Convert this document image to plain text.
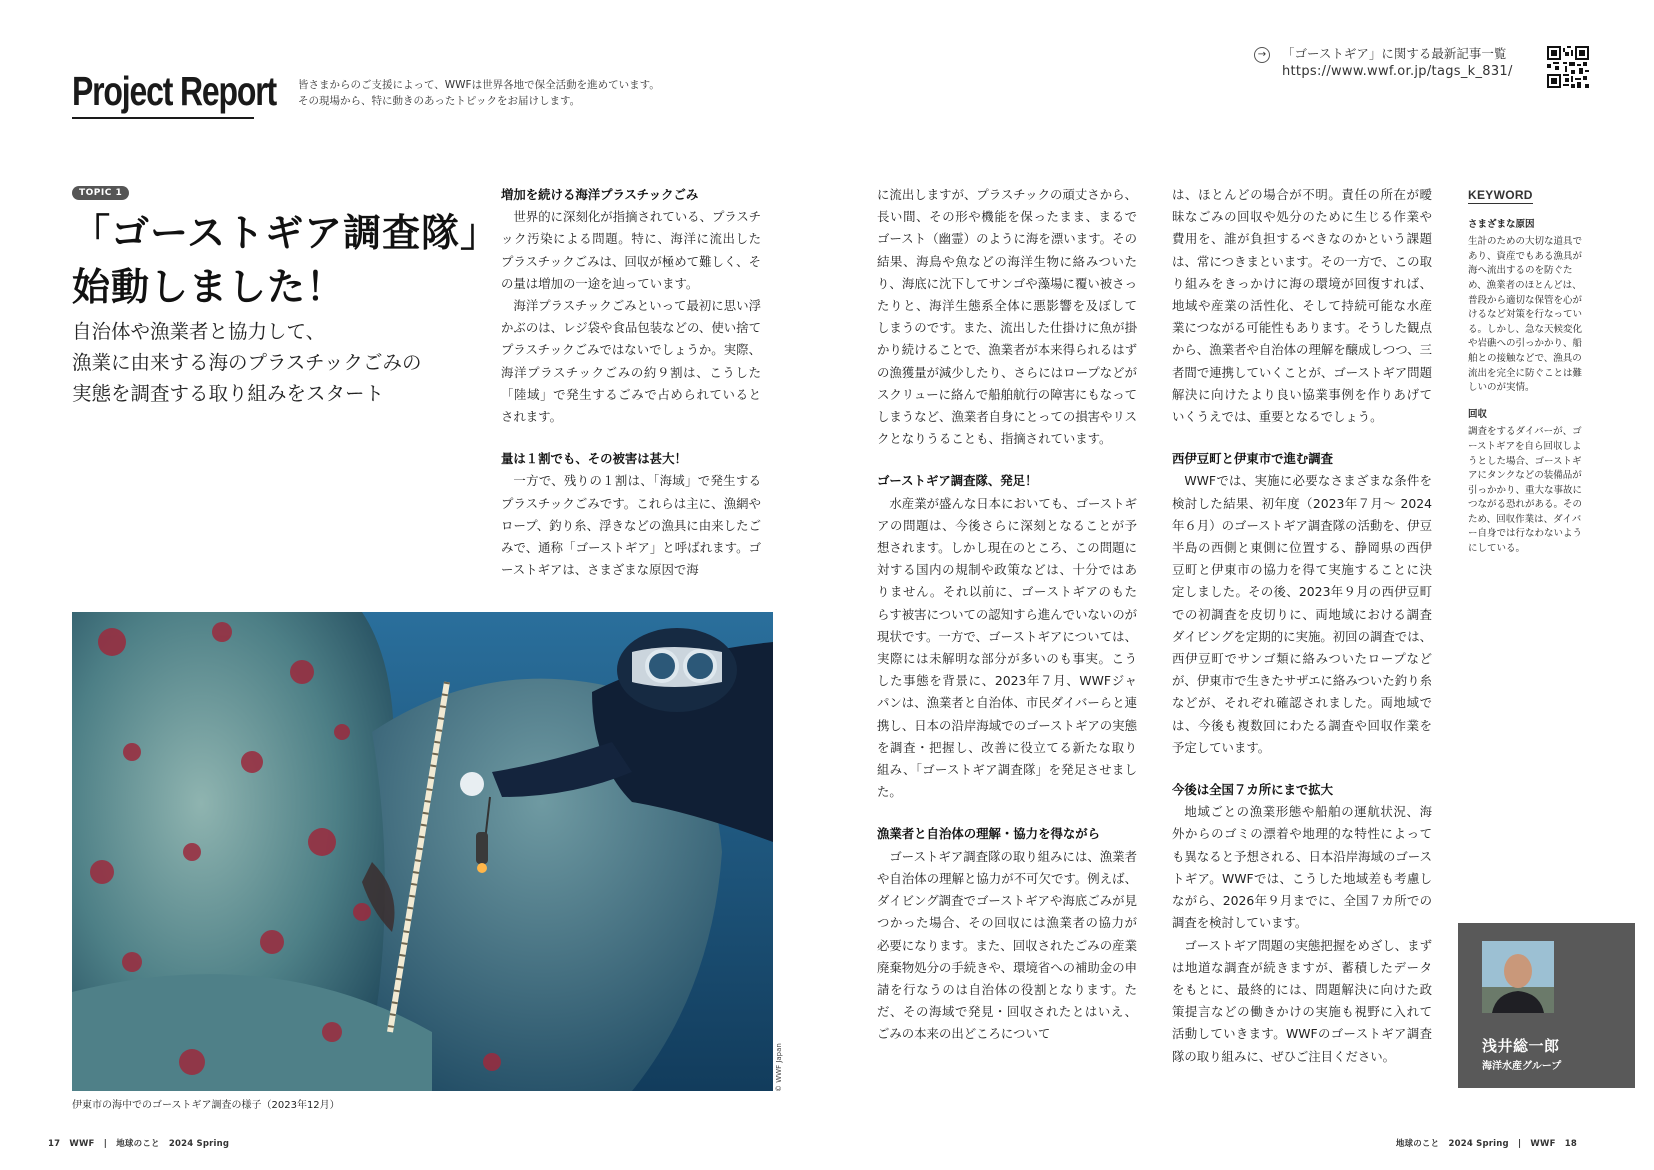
Project Report 皆さまからのご支援によって、WWFは世界各地で保全活動を進めています。
その現場から、特に動きのあったトピックをお届けします。
→	「ゴーストギア」に関する最新記事一覧
https://www.wwf.or.jp/tags_k_831/
TOPIC 1
「ゴーストギア調査隊」
始動しました！
自治体や漁業者と協力して、
漁業に由来する海のプラスチックごみの
実態を調査する取り組みをスタート
増加を続ける海洋プラスチックごみ

世界的に深刻化が指摘されている、プラスチック汚染による問題。特に、海洋に流出したプラスチックごみは、回収が極めて難しく、その量は増加の一途を辿っています。

海洋プラスチックごみといって最初に思い浮かぶのは、レジ袋や食品包装などの、使い捨てプラスチックごみではないでしょうか。実際、海洋プラスチックごみの約９割は、こうした「陸域」で発生するごみで占められているとされます。

量は１割でも、その被害は甚大！

一方で、残りの１割は、「海域」で発生するプラスチックごみです。これらは主に、漁網やロープ、釣り糸、浮きなどの漁具に由来したごみで、通称「ゴーストギア」と呼ばれます。ゴーストギアは、さまざまな原因で海

に流出しますが、プラスチックの頑丈さから、長い間、その形や機能を保ったまま、まるでゴースト（幽霊）のように海を漂います。その結果、海鳥や魚などの海洋生物に絡みついたり、海底に沈下してサンゴや藻場に覆い被さったりと、海洋生態系全体に悪影響を及ぼしてしまうのです。また、流出した仕掛けに魚が掛かり続けることで、漁業者が本来得られるはずの漁獲量が減少したり、さらにはロープなどがスクリューに絡んで船舶航行の障害にもなってしまうなど、漁業者自身にとっての損害やリスクとなりうることも、指摘されています。

ゴーストギア調査隊、発足！

水産業が盛んな日本においても、ゴーストギアの問題は、今後さらに深刻となることが予想されます。しかし現在のところ、この問題に対する国内の規制や政策などは、十分ではありません。それ以前に、ゴーストギアのもたらす被害についての認知すら進んでいないのが現状です。一方で、ゴーストギアについては、実際には未解明な部分が多いのも事実。こうした事態を背景に、2023年７月、WWFジャパンは、漁業者と自治体、市民ダイバーらと連携し、日本の沿岸海域でのゴーストギアの実態を調査・把握し、改善に役立てる新たな取り組み、「ゴーストギア調査隊」を発足させました。

漁業者と自治体の理解・協力を得ながら

ゴーストギア調査隊の取り組みには、漁業者や自治体の理解と協力が不可欠です。例えば、ダイビング調査でゴーストギアや海底ごみが見つかった場合、その回収には漁業者の協力が必要になります。また、回収されたごみの産業廃棄物処分の手続きや、環境省への補助金の申請を行なうのは自治体の役割となります。ただ、その海域で発見・回収されたとはいえ、ごみの本来の出どころについて

は、ほとんどの場合が不明。責任の所在が曖昧なごみの回収や処分のために生じる作業や費用を、誰が負担するべきなのかという課題は、常につきまといます。その一方で、この取り組みをきっかけに海の環境が回復すれば、地域や産業の活性化、そして持続可能な水産業につながる可能性もあります。そうした観点から、漁業者や自治体の理解を醸成しつつ、三者間で連携していくことが、ゴーストギア問題解決に向けたより良い協業事例を作りあげていくうえでは、重要となるでしょう。

西伊豆町と伊東市で進む調査

WWFでは、実施に必要なさまざまな条件を検討した結果、初年度（2023年７月〜 2024年６月）のゴーストギア調査隊の活動を、伊豆半島の西側と東側に位置する、静岡県の西伊豆町と伊東市の協力を得て実施することに決定しました。その後、2023年９月の西伊豆町での初調査を皮切りに、両地域における調査ダイビングを定期的に実施。初回の調査では、西伊豆町でサンゴ類に絡みついたロープなどが、伊東市で生きたサザエに絡みついた釣り糸などが、それぞれ確認されました。両地域では、今後も複数回にわたる調査や回収作業を予定しています。

今後は全国７カ所にまで拡大

地域ごとの漁業形態や船舶の運航状況、海外からのゴミの漂着や地理的な特性によっても異なると予想される、日本沿岸海域のゴーストギア。WWFでは、こうした地域差も考慮しながら、2026年９月までに、全国７カ所での調査を検討しています。

ゴーストギア問題の実態把握をめざし、まずは地道な調査が続きますが、蓄積したデータをもとに、最終的には、問題解決に向けた政策提言などの働きかけの実施も視野に入れて活動していきます。WWFのゴーストギア調査隊の取り組みに、ぜひご注目ください。

KEYWORD
さまざまな原因
生計のための大切な道具であり、資産でもある漁具が海へ流出するのを防ぐため、漁業者のほとんどは、普段から適切な保管を心がけるなど対策を行なっている。しかし、急な天候変化や岩礁への引っかかり、船舶との接触などで、漁具の流出を完全に防ぐことは難しいのが実情。
回収
調査をするダイバーが、ゴーストギアを自ら回収しようとした場合、ゴーストギアにタンクなどの装備品が引っかかり、重大な事故につながる恐れがある。そのため、回収作業は、ダイバー自身では行なわないようにしている。
© WWF Japan
伊東市の海中でのゴーストギア調査の様子（2023年12月）
浅井総一郎
海洋水産グループ
17 WWF | 地球のこと 2024 Spring	地球のこと 2024 Spring | WWF 18
